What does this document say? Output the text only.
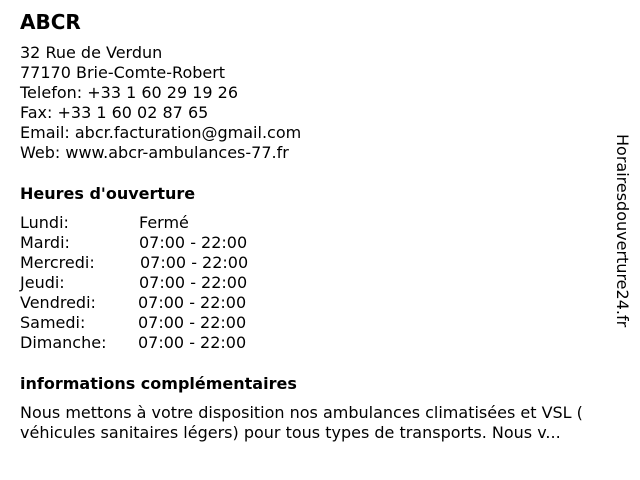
ABCR
32 Rue de Verdun
77170 Brie-Comte-Robert
Telefon: +33 1 60 29 19 26
Fax: +33 1 60 02 87 65
Email: abcr.facturation@gmail.com
Web: www.abcr-ambulances-77.fr
Heures d'ouverture
Lundi:	Fermé
Mardi:	07:00 - 22:00
Mercredi:	07:00 - 22:00
Jeudi:	07:00 - 22:00
Vendredi:	07:00 - 22:00
Samedi:	07:00 - 22:00
Dimanche: 07:00 - 22:00
informations complémentaires
Nous mettons à votre disposition nos ambulances climatisées et VSL (
véhicules sanitaires légers) pour tous types de transports. Nous v...
Horairesdouverture24.fr
